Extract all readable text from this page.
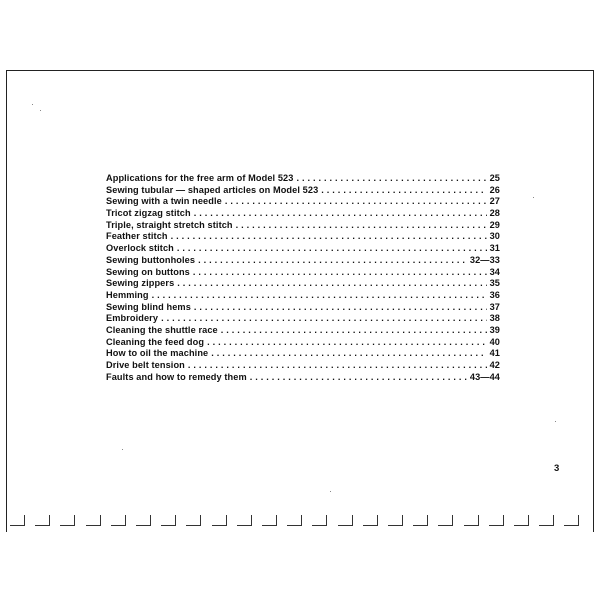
Applications for the free arm of Model 523 . . .	25
Sewing tubular — shaped articles on Model 523 . . .	26
Sewing with a twin needle . . .	27
Tricot zigzag stitch . . .	28
Triple, straight stretch stitch . . .	29
Feather stitch . . .	30
Overlock stitch . . .	31
Sewing buttonholes . . .	32—33
Sewing on buttons . . .	34
Sewing zippers . . .	35
Hemming . . .	36
Sewing blind hems . . .	37
Embroidery . . .	38
Cleaning the shuttle race . . .	39
Cleaning the feed dog . . .	40
How to oil the machine . . .	41
Drive belt tension . . .	42
Faults and how to remedy them . . .	43—44
3
